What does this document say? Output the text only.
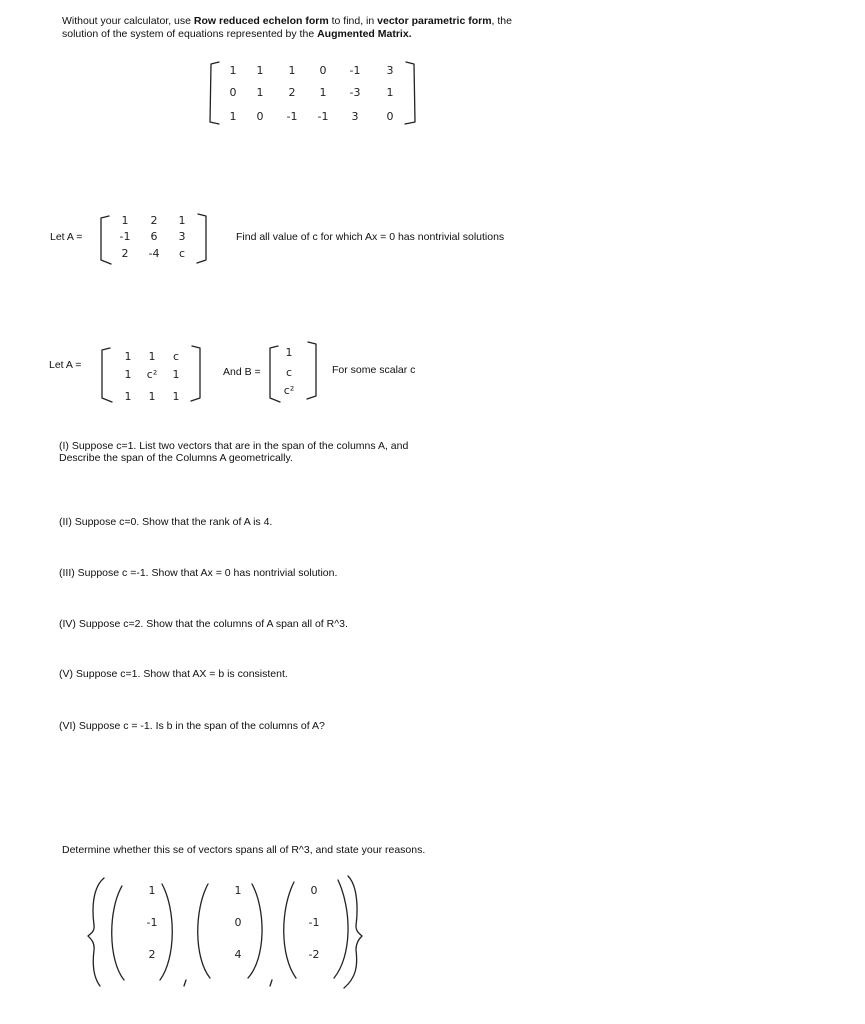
Without your calculator, use Row reduced echelon form to find, in vector parametric form, the
solution of the system of equations represented by the Augmented Matrix.
Let A =	Find all value of c for which Ax = 0 has nontrivial solutions
Let A =
And B =	For some scalar c
(I) Suppose c=1. List two vectors that are in the span of the columns A, and
Describe the span of the Columns A geometrically.
(II) Suppose c=0. Show that the rank of A is 4.
(III) Suppose c =-1. Show that Ax = 0 has nontrivial solution.
(IV) Suppose c=2. Show that the columns of A span all of R^3.
(V) Suppose c=1. Show that AX = b is consistent.
(VI) Suppose c = -1. Is b in the span of the columns of A?
Determine whether this se of vectors spans all of R^3, and state your reasons.
1	1	1	0	-1	3
0	1	2	1	-3	1
1	0	-1	-1	3	0
1	2	1
-1	6	3
2	-4	c
1	1	c
1	c²	1
1	1	1
1
c
c²
1
-1
2
1
0
4
0
-1
-2
